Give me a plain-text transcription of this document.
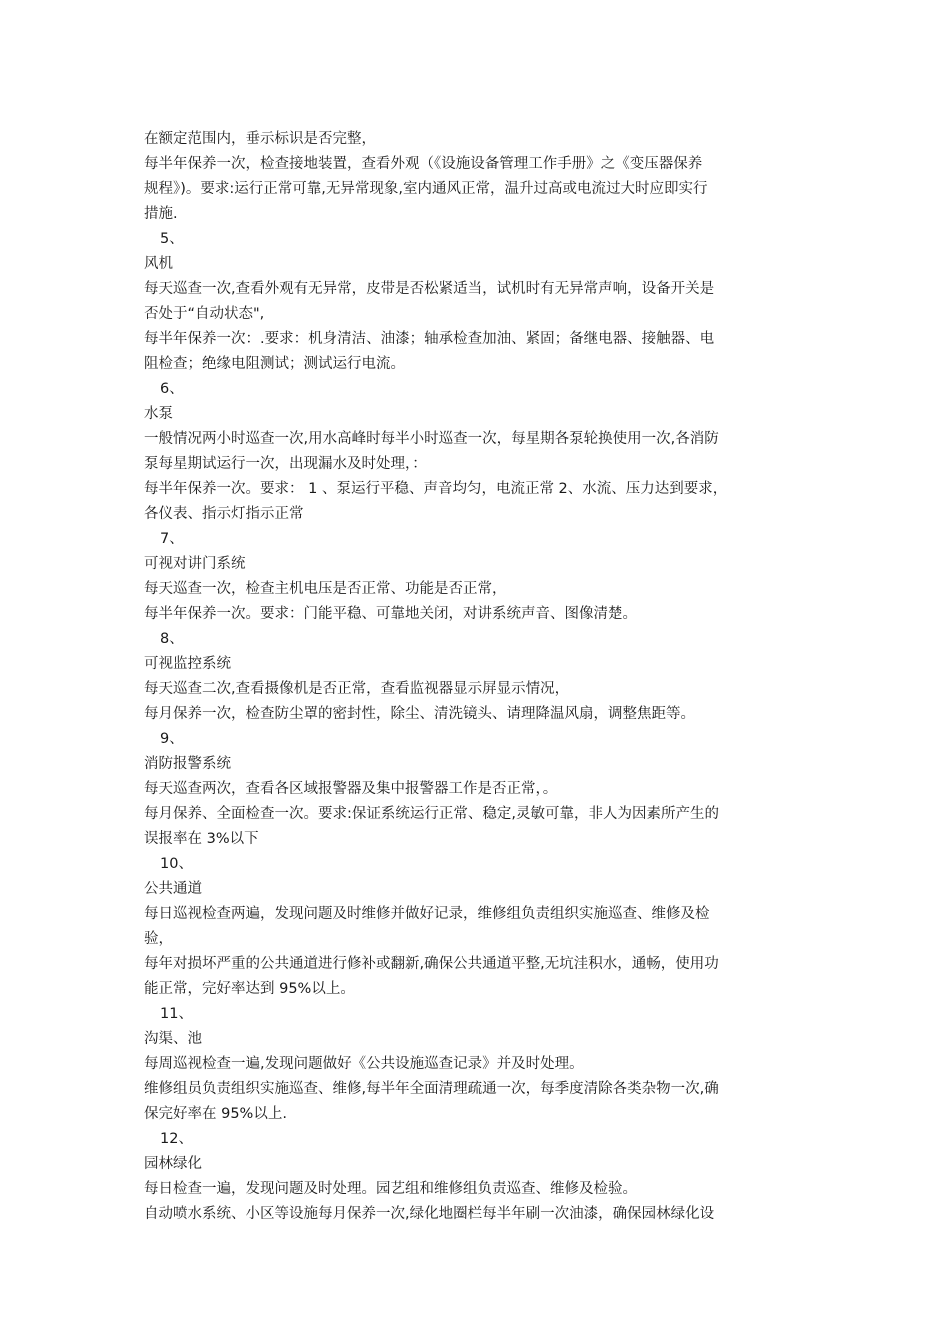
在额定范围内，垂示标识是否完整，
每半年保养一次，检查接地装置，查看外观（《设施设备管理工作手册》之《变压器保养
规程》)。要求:运行正常可靠,无异常现象,室内通风正常，温升过高或电流过大时应即实行
措施.
5、
风机
每天巡查一次,查看外观有无异常，皮带是否松紧适当，试机时有无异常声响，设备开关是
否处于“自动状态",
每半年保养一次：.要求：机身清洁、油漆；轴承检查加油、紧固；备继电器、接触器、电
阻检查；绝缘电阻测试；测试运行电流。
6、
水泵
一般情况两小时巡查一次,用水高峰时每半小时巡查一次，每星期各泵轮换使用一次,各消防
泵每星期试运行一次，出现漏水及时处理，：
每半年保养一次。要求： 1 、泵运行平稳、声音均匀，电流正常 2、水流、压力达到要求，
各仪表、指示灯指示正常
7、
可视对讲门系统
每天巡查一次，检查主机电压是否正常、功能是否正常，
每半年保养一次。要求：门能平稳、可靠地关闭，对讲系统声音、图像清楚。
8、
可视监控系统
每天巡查二次,查看摄像机是否正常，查看监视器显示屏显示情况，
每月保养一次，检查防尘罩的密封性，除尘、清洗镜头、请理降温风扇，调整焦距等。
9、
消防报警系统
每天巡查两次，查看各区域报警器及集中报警器工作是否正常，。
每月保养、全面检查一次。要求:保证系统运行正常、稳定,灵敏可靠，非人为因素所产生的
误报率在 3%以下
10、
公共通道
每日巡视检查两遍，发现问题及时维修并做好记录，维修组负责组织实施巡查、维修及检
验，
每年对损坏严重的公共通道进行修补或翻新,确保公共通道平整,无坑洼积水，通畅，使用功
能正常，完好率达到 95%以上。
11、
沟渠、池
每周巡视检查一遍,发现问题做好《公共设施巡查记录》并及时处理。
维修组员负责组织实施巡查、维修,每半年全面清理疏通一次，每季度清除各类杂物一次,确
保完好率在 95%以上.
12、
园林绿化
每日检查一遍，发现问题及时处理。园艺组和维修组负责巡查、维修及检验。
自动喷水系统、小区等设施每月保养一次,绿化地圈栏每半年刷一次油漆，确保园林绿化设
